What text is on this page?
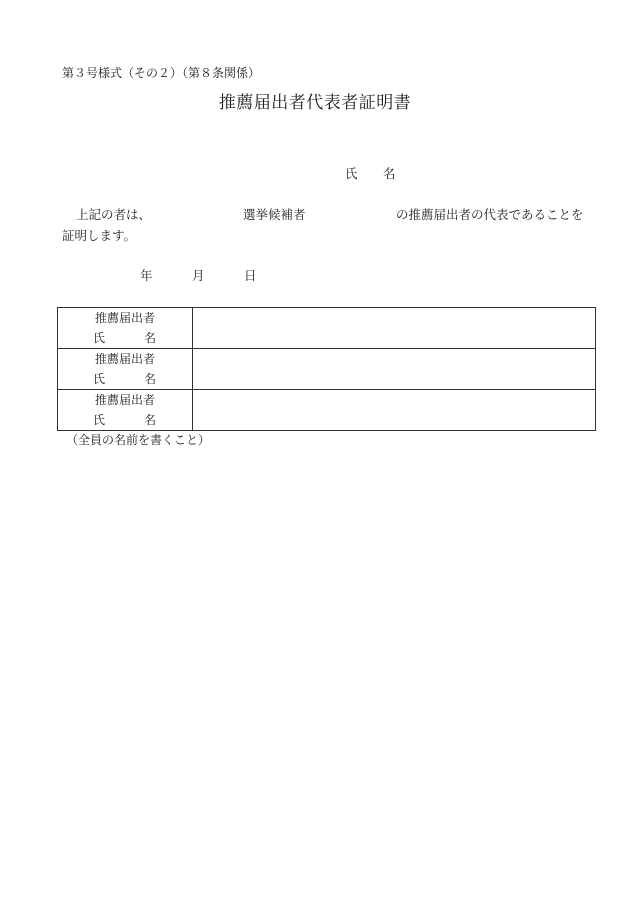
第３号様式（その２）（第８条関係）
推薦届出者代表者証明書
氏 名
上記の者は、	選挙候補者	の推薦届出者の代表であることを
証明します。
年	月	日
推薦届出者
氏 名	

推薦届出者
氏 名	

推薦届出者
氏 名	

（全員の名前を書くこと）
